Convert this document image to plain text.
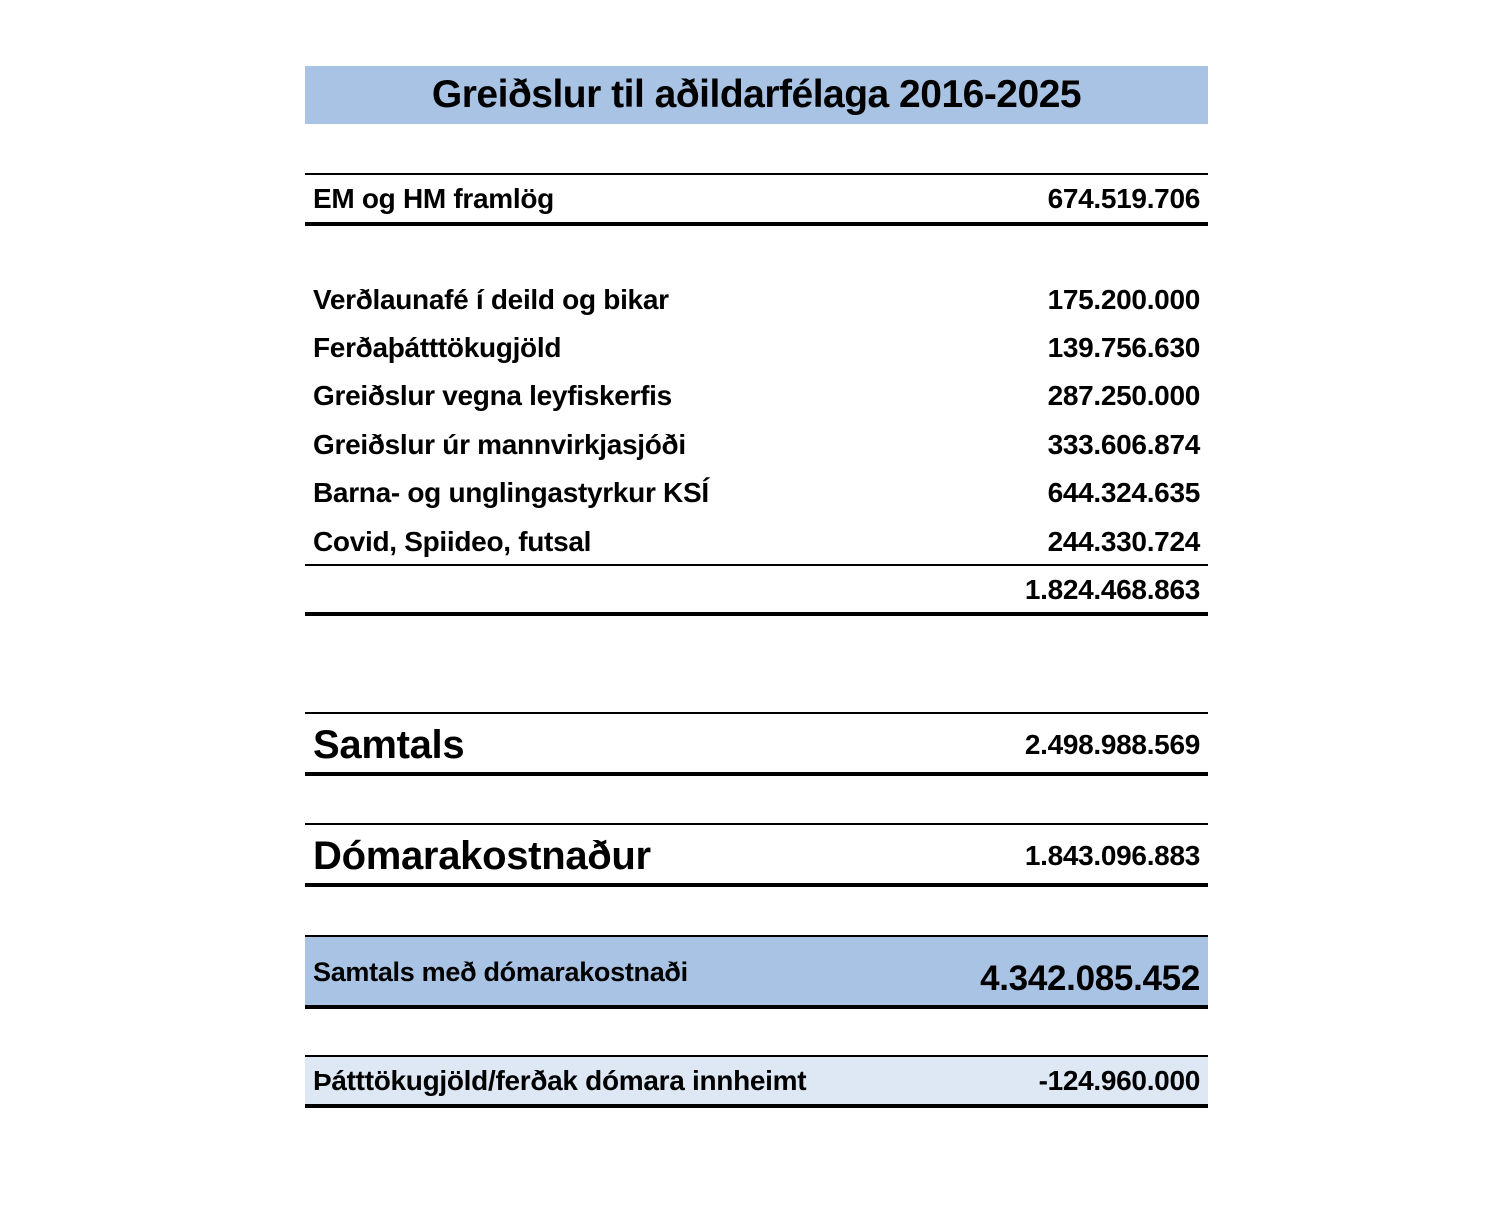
Greiðslur til aðildarfélaga 2016-2025
EM og HM framlög	674.519.706
Verðlaunafé í deild og bikar	175.200.000
Ferðaþátttökugjöld	139.756.630
Greiðslur vegna leyfiskerfis	287.250.000
Greiðslur úr mannvirkjasjóði	333.606.874
Barna- og unglingastyrkur KSÍ	644.324.635
Covid, Spiideo, futsal	244.330.724
1.824.468.863
Samtals	2.498.988.569
Dómarakostnaður	1.843.096.883
Samtals með dómarakostnaði	4.342.085.452
Þátttökugjöld/ferðak dómara innheimt	-124.960.000
